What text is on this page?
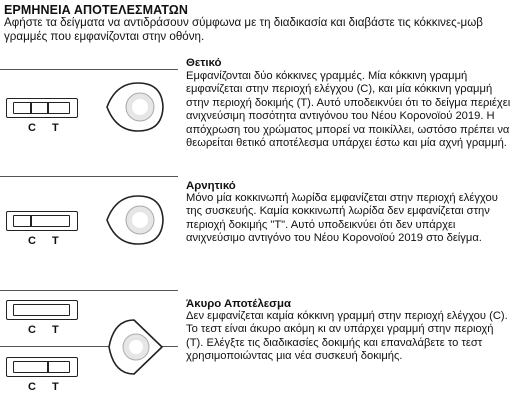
ΕΡΜΗΝΕΙΑ ΑΠΟΤΕΛΕΣΜΑΤΩΝ
Αφήστε τα δείγματα να αντιδράσουν σύμφωνα με τη διαδικασία και διαβάστε τις κόκκινες-μωβ γραμμές που εμφανίζονται στην οθόνη.
Θετικό
Εμφανίζονται δύο κόκκινες γραμμές. Μία κόκκινη γραμμή εμφανίζεται στην περιοχή ελέγχου (C), και μία κόκκινη γραμμή στην περιοχή δοκιμής (Τ). Αυτό υποδεικνύει ότι το δείγμα περιέχει ανιχνεύσιμη ποσότητα αντιγόνου του Νέου Κορονοϊού 2019. Η απόχρωση του χρώματος μπορεί να ποικίλλει, ωστόσο πρέπει να θεωρείται θετικό αποτέλεσμα υπάρχει έστω και μία αχνή γραμμή.
C T
Αρνητικό
Μόνο μία κοκκινωπή λωρίδα εμφανίζεται στην περιοχή ελέγχου της συσκευής. Καμία κοκκινωπή λωρίδα δεν εμφανίζεται στην περιοχή δοκιμής "Τ". Αυτό υποδεικνύει ότι δεν υπάρχει ανιχνεύσιμο αντιγόνο του Νέου Κορονοϊού 2019 στο δείγμα.
C T
Άκυρο Αποτέλεσμα
Δεν εμφανίζεται καμία κόκκινη γραμμή στην περιοχή ελέγχου (C). Το τεστ είναι άκυρο ακόμη κι αν υπάρχει γραμμή στην περιοχή (Τ). Ελέγξτε τις διαδικασίες δοκιμής και επαναλάβετε το τεστ χρησιμοποιώντας μια νέα συσκευή δοκιμής.
C T
C T
